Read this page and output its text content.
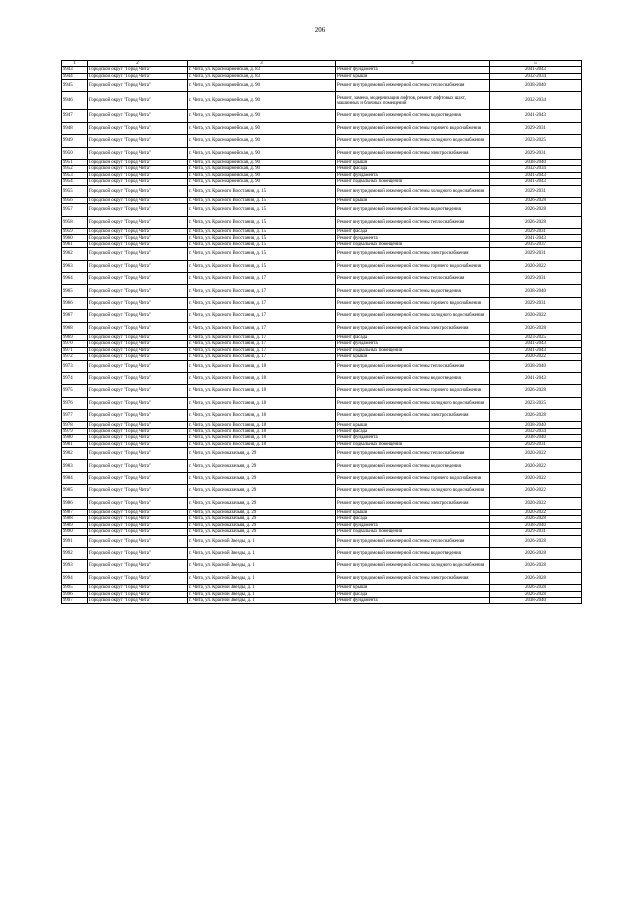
206
1	2	3	4	5
9943	Городской округ "Город Чита"	г. Чита, ул. Красноармейская, д. 83	Ремонт фундамента	2041-2043
9944	Городской округ "Город Чита"	г. Чита, ул. Красноармейская, д. 83	Ремонт крыши	2032-2034
9945	Городской округ "Город Чита"	г. Чита, ул. Красноармейская, д. 90	Ремонт внутридомовой инженерной системы теплоснабжения	2038-2040
9946	Городской округ "Город Чита"	г. Чита, ул. Красноармейская, д. 90	Ремонт, замена, модернизация лифтов, ремонт лифтовых шахт, машинных и блочных помещений	2032-2034
9947	Городской округ "Город Чита"	г. Чита, ул. Красноармейская, д. 90	Ремонт внутридомовой инженерной системы водоотведения	2041-2043
9948	Городской округ "Город Чита"	г. Чита, ул. Красноармейская, д. 90	Ремонт внутридомовой инженерной системы горячего водоснабжения	2029-2031
9949	Городской округ "Город Чита"	г. Чита, ул. Красноармейская, д. 90	Ремонт внутридомовой инженерной системы холодного водоснабжения	2023-2025
9950	Городской округ "Город Чита"	г. Чита, ул. Красноармейская, д. 90	Ремонт внутридомовой инженерной системы электроснабжения	2029-2031
9951	Городской округ "Город Чита"	г. Чита, ул. Красноармейская, д. 90	Ремонт крыши	2038-2040
9952	Городской округ "Город Чита"	г. Чита, ул. Красноармейская, д. 90	Ремонт фасада	2032-2034
9953	Городской округ "Город Чита"	г. Чита, ул. Красноармейская, д. 90	Ремонт фундамента	2041-2043
9954	Городской округ "Город Чита"	г. Чита, ул. Красноармейская, д. 90	Ремонт подвальных помещений	2041-2043
9955	Городской округ "Город Чита"	г. Чита, ул. Красного Восстания, д. 15	Ремонт внутридомовой инженерной системы холодного водоснабжения	2029-2031
9956	Городской округ "Город Чита"	г. Чита, ул. Красного Восстания, д. 15	Ремонт крыши	2026-2028
9957	Городской округ "Город Чита"	г. Чита, ул. Красного Восстания, д. 15	Ремонт внутридомовой инженерной системы водоотведения	2026-2028
9958	Городской округ "Город Чита"	г. Чита, ул. Красного Восстания, д. 15	Ремонт внутридомовой инженерной системы теплоснабжения	2026-2028
9959	Городской округ "Город Чита"	г. Чита, ул. Красного Восстания, д. 15	Ремонт фасада	2029-2031
9960	Городской округ "Город Чита"	г. Чита, ул. Красного Восстания, д. 15	Ремонт фундамента	2041-2043
9961	Городской округ "Город Чита"	г. Чита, ул. Красного Восстания, д. 15	Ремонт подвальных помещений	2035-2037
9962	Городской округ "Город Чита"	г. Чита, ул. Красного Восстания, д. 15	Ремонт внутридомовой инженерной системы электроснабжения	2029-2031
9963	Городской округ "Город Чита"	г. Чита, ул. Красного Восстания, д. 15	Ремонт внутридомовой инженерной системы горячего водоснабжения	2020-2022
9964	Городской округ "Город Чита"	г. Чита, ул. Красного Восстания, д. 17	Ремонт внутридомовой инженерной системы теплоснабжения	2029-2031
9965	Городской округ "Город Чита"	г. Чита, ул. Красного Восстания, д. 17	Ремонт внутридомовой инженерной системы водоотведения	2038-2040
9966	Городской округ "Город Чита"	г. Чита, ул. Красного Восстания, д. 17	Ремонт внутридомовой инженерной системы горячего водоснабжения	2029-2031
9967	Городской округ "Город Чита"	г. Чита, ул. Красного Восстания, д. 17	Ремонт внутридомовой инженерной системы холодного водоснабжения	2020-2022
9968	Городской округ "Город Чита"	г. Чита, ул. Красного Восстания, д. 17	Ремонт внутридомовой инженерной системы электроснабжения	2026-2028
9969	Городской округ "Город Чита"	г. Чита, ул. Красного Восстания, д. 17	Ремонт фасада	2023-2025
9970	Городской округ "Город Чита"	г. Чита, ул. Красного Восстания, д. 17	Ремонт фундамента	2041-2043
9971	Городской округ "Город Чита"	г. Чита, ул. Красного Восстания, д. 17	Ремонт подвальных помещений	2041-2043
9972	Городской округ "Город Чита"	г. Чита, ул. Красного Восстания, д. 17	Ремонт крыши	2020-2022
9973	Городской округ "Город Чита"	г. Чита, ул. Красного Восстания, д. 18	Ремонт внутридомовой инженерной системы теплоснабжения	2038-2040
9974	Городской округ "Город Чита"	г. Чита, ул. Красного Восстания, д. 18	Ремонт внутридомовой инженерной системы водоотведения	2041-2043
9975	Городской округ "Город Чита"	г. Чита, ул. Красного Восстания, д. 18	Ремонт внутридомовой инженерной системы горячего водоснабжения	2026-2028
9976	Городской округ "Город Чита"	г. Чита, ул. Красного Восстания, д. 18	Ремонт внутридомовой инженерной системы холодного водоснабжения	2023-2025
9977	Городской округ "Город Чита"	г. Чита, ул. Красного Восстания, д. 18	Ремонт внутридомовой инженерной системы электроснабжения	2026-2028
9978	Городской округ "Город Чита"	г. Чита, ул. Красного Восстания, д. 18	Ремонт крыши	2038-2040
9979	Городской округ "Город Чита"	г. Чита, ул. Красного Восстания, д. 18	Ремонт фасада	2032-2034
9980	Городской округ "Город Чита"	г. Чита, ул. Красного Восстания, д. 18	Ремонт фундамента	2038-2040
9981	Городской округ "Город Чита"	г. Чита, ул. Красного Восстания, д. 18	Ремонт подвальных помещений	2029-2031
9982	Городской округ "Город Чита"	г. Чита, ул. Красноказачьяя, д. 29	Ремонт внутридомовой инженерной системы теплоснабжения	2020-2022
9983	Городской округ "Город Чита"	г. Чита, ул. Красноказачьяя, д. 29	Ремонт внутридомовой инженерной системы водоотведения	2020-2022
9984	Городской округ "Город Чита"	г. Чита, ул. Красноказачьяя, д. 29	Ремонт внутридомовой инженерной системы горячего водоснабжения	2020-2022
9985	Городской округ "Город Чита"	г. Чита, ул. Красноказачьяя, д. 29	Ремонт внутридомовой инженерной системы холодного водоснабжения	2020-2022
9986	Городской округ "Город Чита"	г. Чита, ул. Красноказачьяя, д. 29	Ремонт внутридомовой инженерной системы электроснабжения	2020-2022
9987	Городской округ "Город Чита"	г. Чита, ул. Красноказачьяя, д. 29	Ремонт крыши	2020-2022
9988	Городской округ "Город Чита"	г. Чита, ул. Красноказачьяя, д. 29	Ремонт фасада	2026-2028
9989	Городской округ "Город Чита"	г. Чита, ул. Красноказачьяя, д. 29	Ремонт фундамента	2038-2040
9990	Городской округ "Город Чита"	г. Чита, ул. Красноказачьяя, д. 29	Ремонт подвальных помещений	2029-2031
9991	Городской округ "Город Чита"	г. Чита, ул. Красной Звезды, д. 1	Ремонт внутридомовой инженерной системы теплоснабжения	2026-2028
9992	Городской округ "Город Чита"	г. Чита, ул. Красной Звезды, д. 1	Ремонт внутридомовой инженерной системы водоотведения	2026-2028
9993	Городской округ "Город Чита"	г. Чита, ул. Красной Звезды, д. 1	Ремонт внутридомовой инженерной системы холодного водоснабжения	2026-2028
9994	Городской округ "Город Чита"	г. Чита, ул. Красной Звезды, д. 1	Ремонт внутридомовой инженерной системы электроснабжения	2026-2028
9995	Городской округ "Город Чита"	г. Чита, ул. Красной Звезды, д. 1	Ремонт крыши	2026-2028
9996	Городской округ "Город Чита"	г. Чита, ул. Красной Звезды, д. 1	Ремонт фасада	2026-2028
9997	Городской округ "Город Чита"	г. Чита, ул. Красной Звезды, д. 1	Ремонт фундамента	2038-2040
